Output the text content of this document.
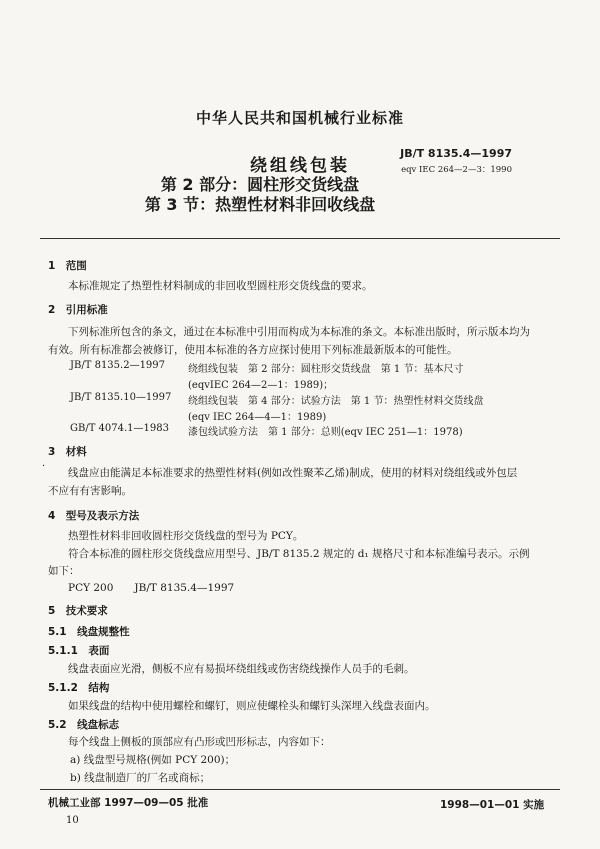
中华人民共和国机械行业标准
JB/T 8135.4—1997
eqv IEC 264—2—3：1990
绕组线包装
第 2 部分：圆柱形交货线盘
第 3 节：热塑性材料非回收线盘
1　范围
本标准规定了热塑性材料制成的非回收型圆柱形交货线盘的要求。
2　引用标准
下列标准所包含的条文，通过在本标准中引用而构成为本标准的条文。本标准出版时，所示版本均为
有效。所有标准都会被修订，使用本标准的各方应探讨使用下列标准最新版本的可能性。
JB/T 8135.2—1997 绕组线包装　第 2 部分：圆柱形交货线盘　第 1 节：基本尺寸
(eqvIEC 264—2—1：1989)；
JB/T 8135.10—1997 绕组线包装　第 4 部分：试验方法　第 1 节：热塑性材料交货线盘
(eqv IEC 264—4—1：1989)
GB/T 4074.1—1983 漆包线试验方法　第 1 部分：总则(eqv IEC 251—1：1978)
3　材料
·
线盘应由能满足本标准要求的热塑性材料(例如改性聚苯乙烯)制成，使用的材料对绕组线或外包层
不应有有害影响。
4　型号及表示方法
热塑性材料非回收圆柱形交货线盘的型号为 PCY。
符合本标准的圆柱形交货线盘应用型号、JB/T 8135.2 规定的 d₁ 规格尺寸和本标准编号表示。示例
如下：
PCY 200　　JB/T 8135.4—1997
5　技术要求
5.1　线盘规整性
5.1.1　表面
线盘表面应光滑，侧板不应有易损坏绕组线或伤害绕线操作人员手的毛刺。
5.1.2　结构
如果线盘的结构中使用螺栓和螺钉，则应使螺栓头和螺钉头深埋入线盘表面内。
5.2　线盘标志
每个线盘上侧板的顶部应有凸形或凹形标志，内容如下：
a) 线盘型号规格(例如 PCY 200)；
b) 线盘制造厂的厂名或商标；
机械工业部 1997—09—05 批准	1998—01—01 实施
10
